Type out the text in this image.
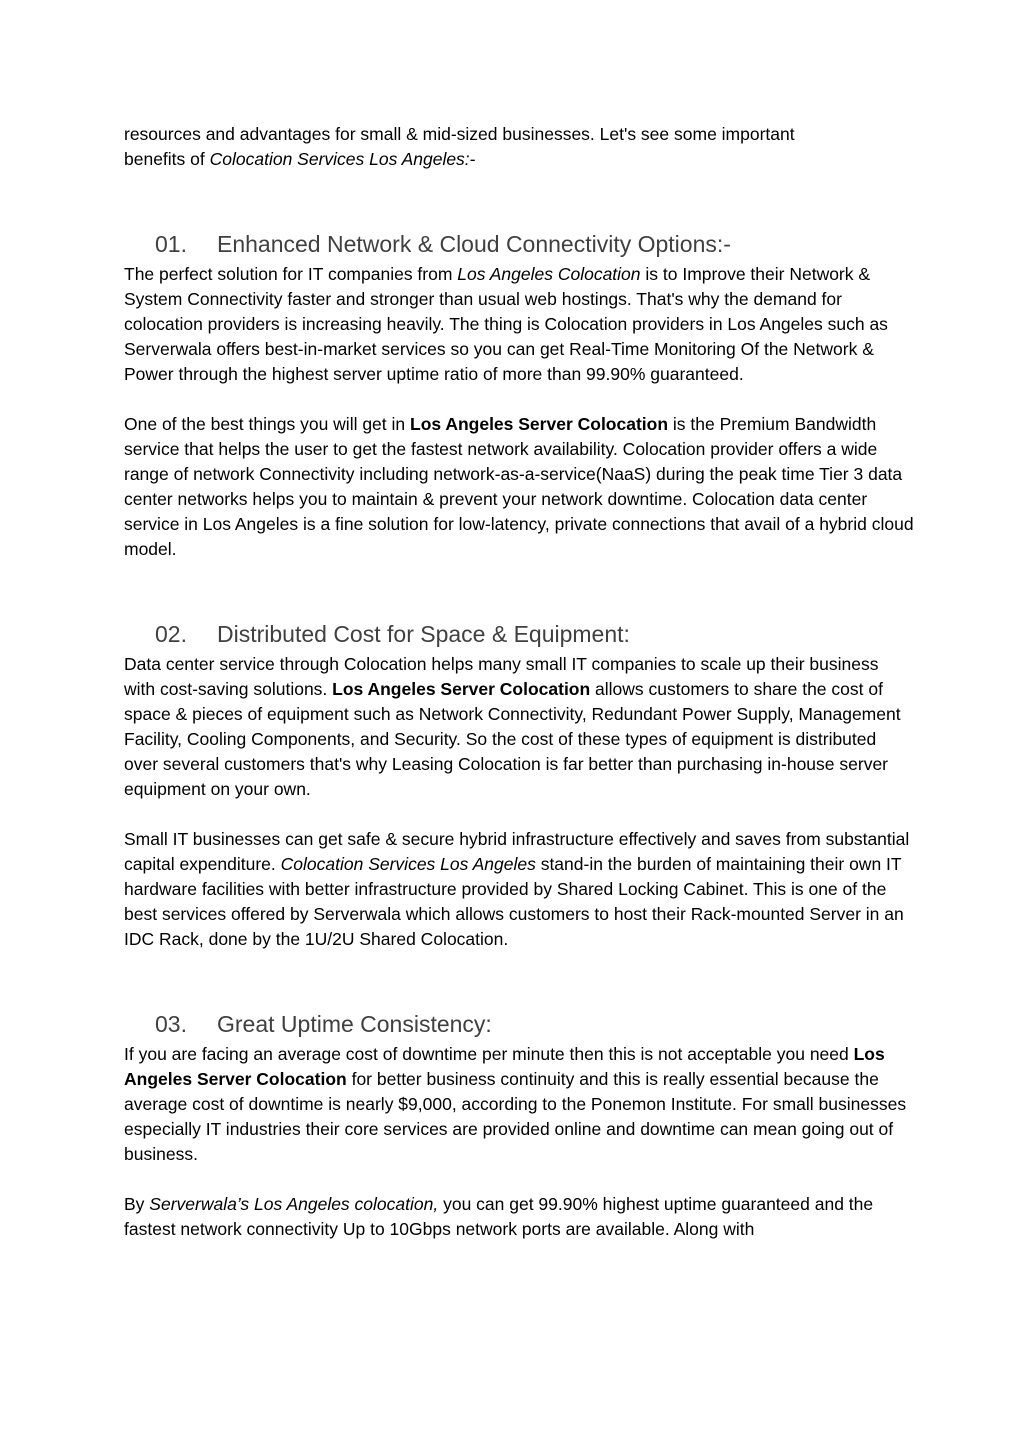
resources and advantages for small & mid-sized businesses. Let's see some important
benefits of Colocation Services Los Angeles:-

01.	Enhanced Network & Cloud Connectivity Options:-

The perfect solution for IT companies from Los Angeles Colocation is to Improve their Network & System Connectivity faster and stronger than usual web hostings. That's why the demand for colocation providers is increasing heavily. The thing is Colocation providers in Los Angeles such as Serverwala offers best-in-market services so you can get Real-Time Monitoring Of the Network & Power through the highest server uptime ratio of more than 99.90% guaranteed.

One of the best things you will get in Los Angeles Server Colocation is the Premium Bandwidth service that helps the user to get the fastest network availability. Colocation provider offers a wide range of network Connectivity including network-as-a-service(NaaS) during the peak time Tier 3 data center networks helps you to maintain & prevent your network downtime. Colocation data center service in Los Angeles is a fine solution for low-latency, private connections that avail of a hybrid cloud model.

02.	Distributed Cost for Space & Equipment:

Data center service through Colocation helps many small IT companies to scale up their business with cost-saving solutions. Los Angeles Server Colocation allows customers to share the cost of space & pieces of equipment such as Network Connectivity, Redundant Power Supply, Management Facility, Cooling Components, and Security. So the cost of these types of equipment is distributed over several customers that's why Leasing Colocation is far better than purchasing in-house server equipment on your own.

Small IT businesses can get safe & secure hybrid infrastructure effectively and saves from substantial capital expenditure. Colocation Services Los Angeles stand-in the burden of maintaining their own IT hardware facilities with better infrastructure provided by Shared Locking Cabinet. This is one of the best services offered by Serverwala which allows customers to host their Rack-mounted Server in an IDC Rack, done by the 1U/2U Shared Colocation.

03.	Great Uptime Consistency:

If you are facing an average cost of downtime per minute then this is not acceptable you need Los Angeles Server Colocation for better business continuity and this is really essential because the average cost of downtime is nearly $9,000, according to the Ponemon Institute. For small businesses especially IT industries their core services are provided online and downtime can mean going out of business.

By Serverwala’s Los Angeles colocation, you can get 99.90% highest uptime guaranteed and the fastest network connectivity Up to 10Gbps network ports are available. Along with
